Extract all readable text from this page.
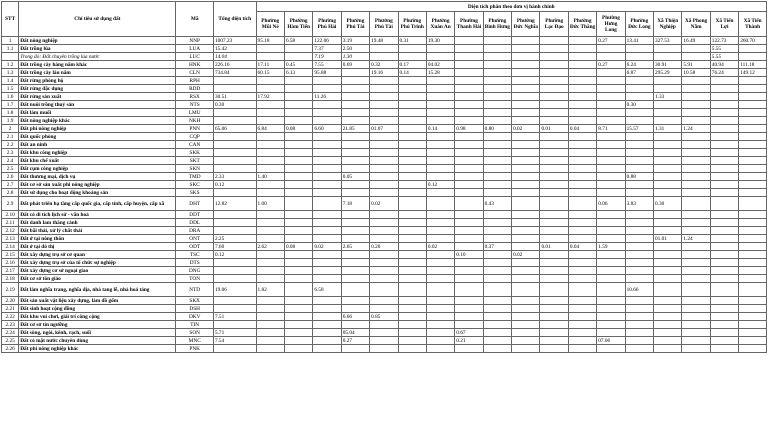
STT	Chỉ tiêu sử dụng đất	Mã	Tổng diện tích	Diện tích phân theo đơn vị hành chính																	
				Phường Mũi Né	Phường Hàm Tiến	Phường Phú Hài	Phường Phú Tài	Phường Phú Tài	Phường Phú Trinh	Phường Xuân An	Phường Thanh Hải	Phường Bình Hưng	Phường Đức Nghĩa	Phường Lạc Đạo	Phường Đức Thắng	Phường Hưng Long	Phường Đức Long	Xã Thiện Nghiệp	Xã Phong Nẫm	Xã Tiến Lợi	Xã Tiến Thành
1	Đất nông nghiệp	NNP	1007.23	95.18	6.58	122.06	3.19	19.48	0.31	19.30						0.27	13.41	327.53	16.49	122.73	260.70
1.1	Đất trồng lúa	LUA	15.42			7.37	2.50													5.55	
	Trong đó: Đất chuyên trồng lúa nước	LUC	14.04			7.19	1.30													5.55	
1.2	Đất trồng cây hàng năm khác	HNK	226.16	17.11	0.45	7.55	0.69	0.32	0.17	04.02						0.27	6.24	30.91	5.91	40.94	111.18
1.3	Đất trồng cây lâu năm	CLN	734.84	60.15	6.13	95.88		19.16	0.14	15.28							6.87	295.29	10.58	76.24	149.12
1.4	Đất rừng phòng hộ	RPH																			
1.5	Đất rừng đặc dụng	RDD																			
1.6	Đất rừng sản xuất	RSX	30.51	17.92		11.26												1.33			
1.7	Đất nuôi trồng thuỷ sản	NTS	0.30														0.30				
1.8	Đất làm muối	LMU																			
1.9	Đất nông nghiệp khác	NKH																			
2	Đất phi nông nghiệp	PNN	65.06	6.84	0.08	6.60	21.85	01.07		0.14	0.98	0.80	0.02	0.01	0.04	8.71	15.57	1.31	1.24		
2.1	Đất quốc phòng	CQP																			
2.2	Đất an ninh	CAN																			
2.3	Đất khu công nghiệp	SKK																			
2.4	Đất khu chế xuất	SKT																			
2.5	Đất cụm công nghiệp	SKN																			
2.6	Đất thương mại, dịch vụ	TMD	2.33	1.40			0.05										0.88				
2.7	Đất cơ sở sản xuất phi nông nghiệp	SKC	0.12							0.12											
2.8	Đất sử dụng cho hoạt động khoáng sản	SKS																			
2.9	Đất phát triển hạ tầng cấp quốc gia, cấp tỉnh, cấp huyện, cấp xã	DHT	12.82	1.00			7.18	0.02				0.43				0.06	3.83	0.30			
2.10	Đất có di tích lịch sử - văn hoá	DDT																			
2.11	Đất danh lam thắng cảnh	DDL																			
2.12	Đất bãi thải, xử lý chất thải	DRA																			
2.13	Đất ở tại nông thôn	ONT	2.25															01.01	1.24		
2.14	Đất ở tại đô thị	ODT	7.60	2.62	0.08	0.02	2.65	0.20		0.02		0.37		0.01	0.04	1.59					
2.15	Đất xây dựng trụ sở cơ quan	TSC	0.12								0.10		0.02								
2.16	Đất xây dựng trụ sở của tổ chức sự nghiệp	DTS																			
2.17	Đất xây dựng cơ sở ngoại giao	DNG																			
2.18	Đất cơ sở tôn giáo	TON																			
2.19	Đất làm nghĩa trang, nghĩa địa, nhà tang lễ, nhà hoả táng	NTD	19.06	1.82		6.58											10.66				
2.20	Đất sản xuất vật liệu xây dựng, làm đồ gốm	SKX																			
2.21	Đất sinh hoạt cộng đồng	DSH																			
2.22	Đất khu vui chơi, giải trí công cộng	DKV	7.51				6.66	0.85													
2.23	Đất cơ sở tín ngưỡng	TIN																			
2.24	Đất sông, ngòi, kênh, rạch, suối	SON	5.71				05.04				0.67										
2.25	Đất có mặt nước chuyên dùng	MNC	7.54				0.27				0.21					07.06					
2.26	Đất phi nông nghiệp khác	PNK																			
